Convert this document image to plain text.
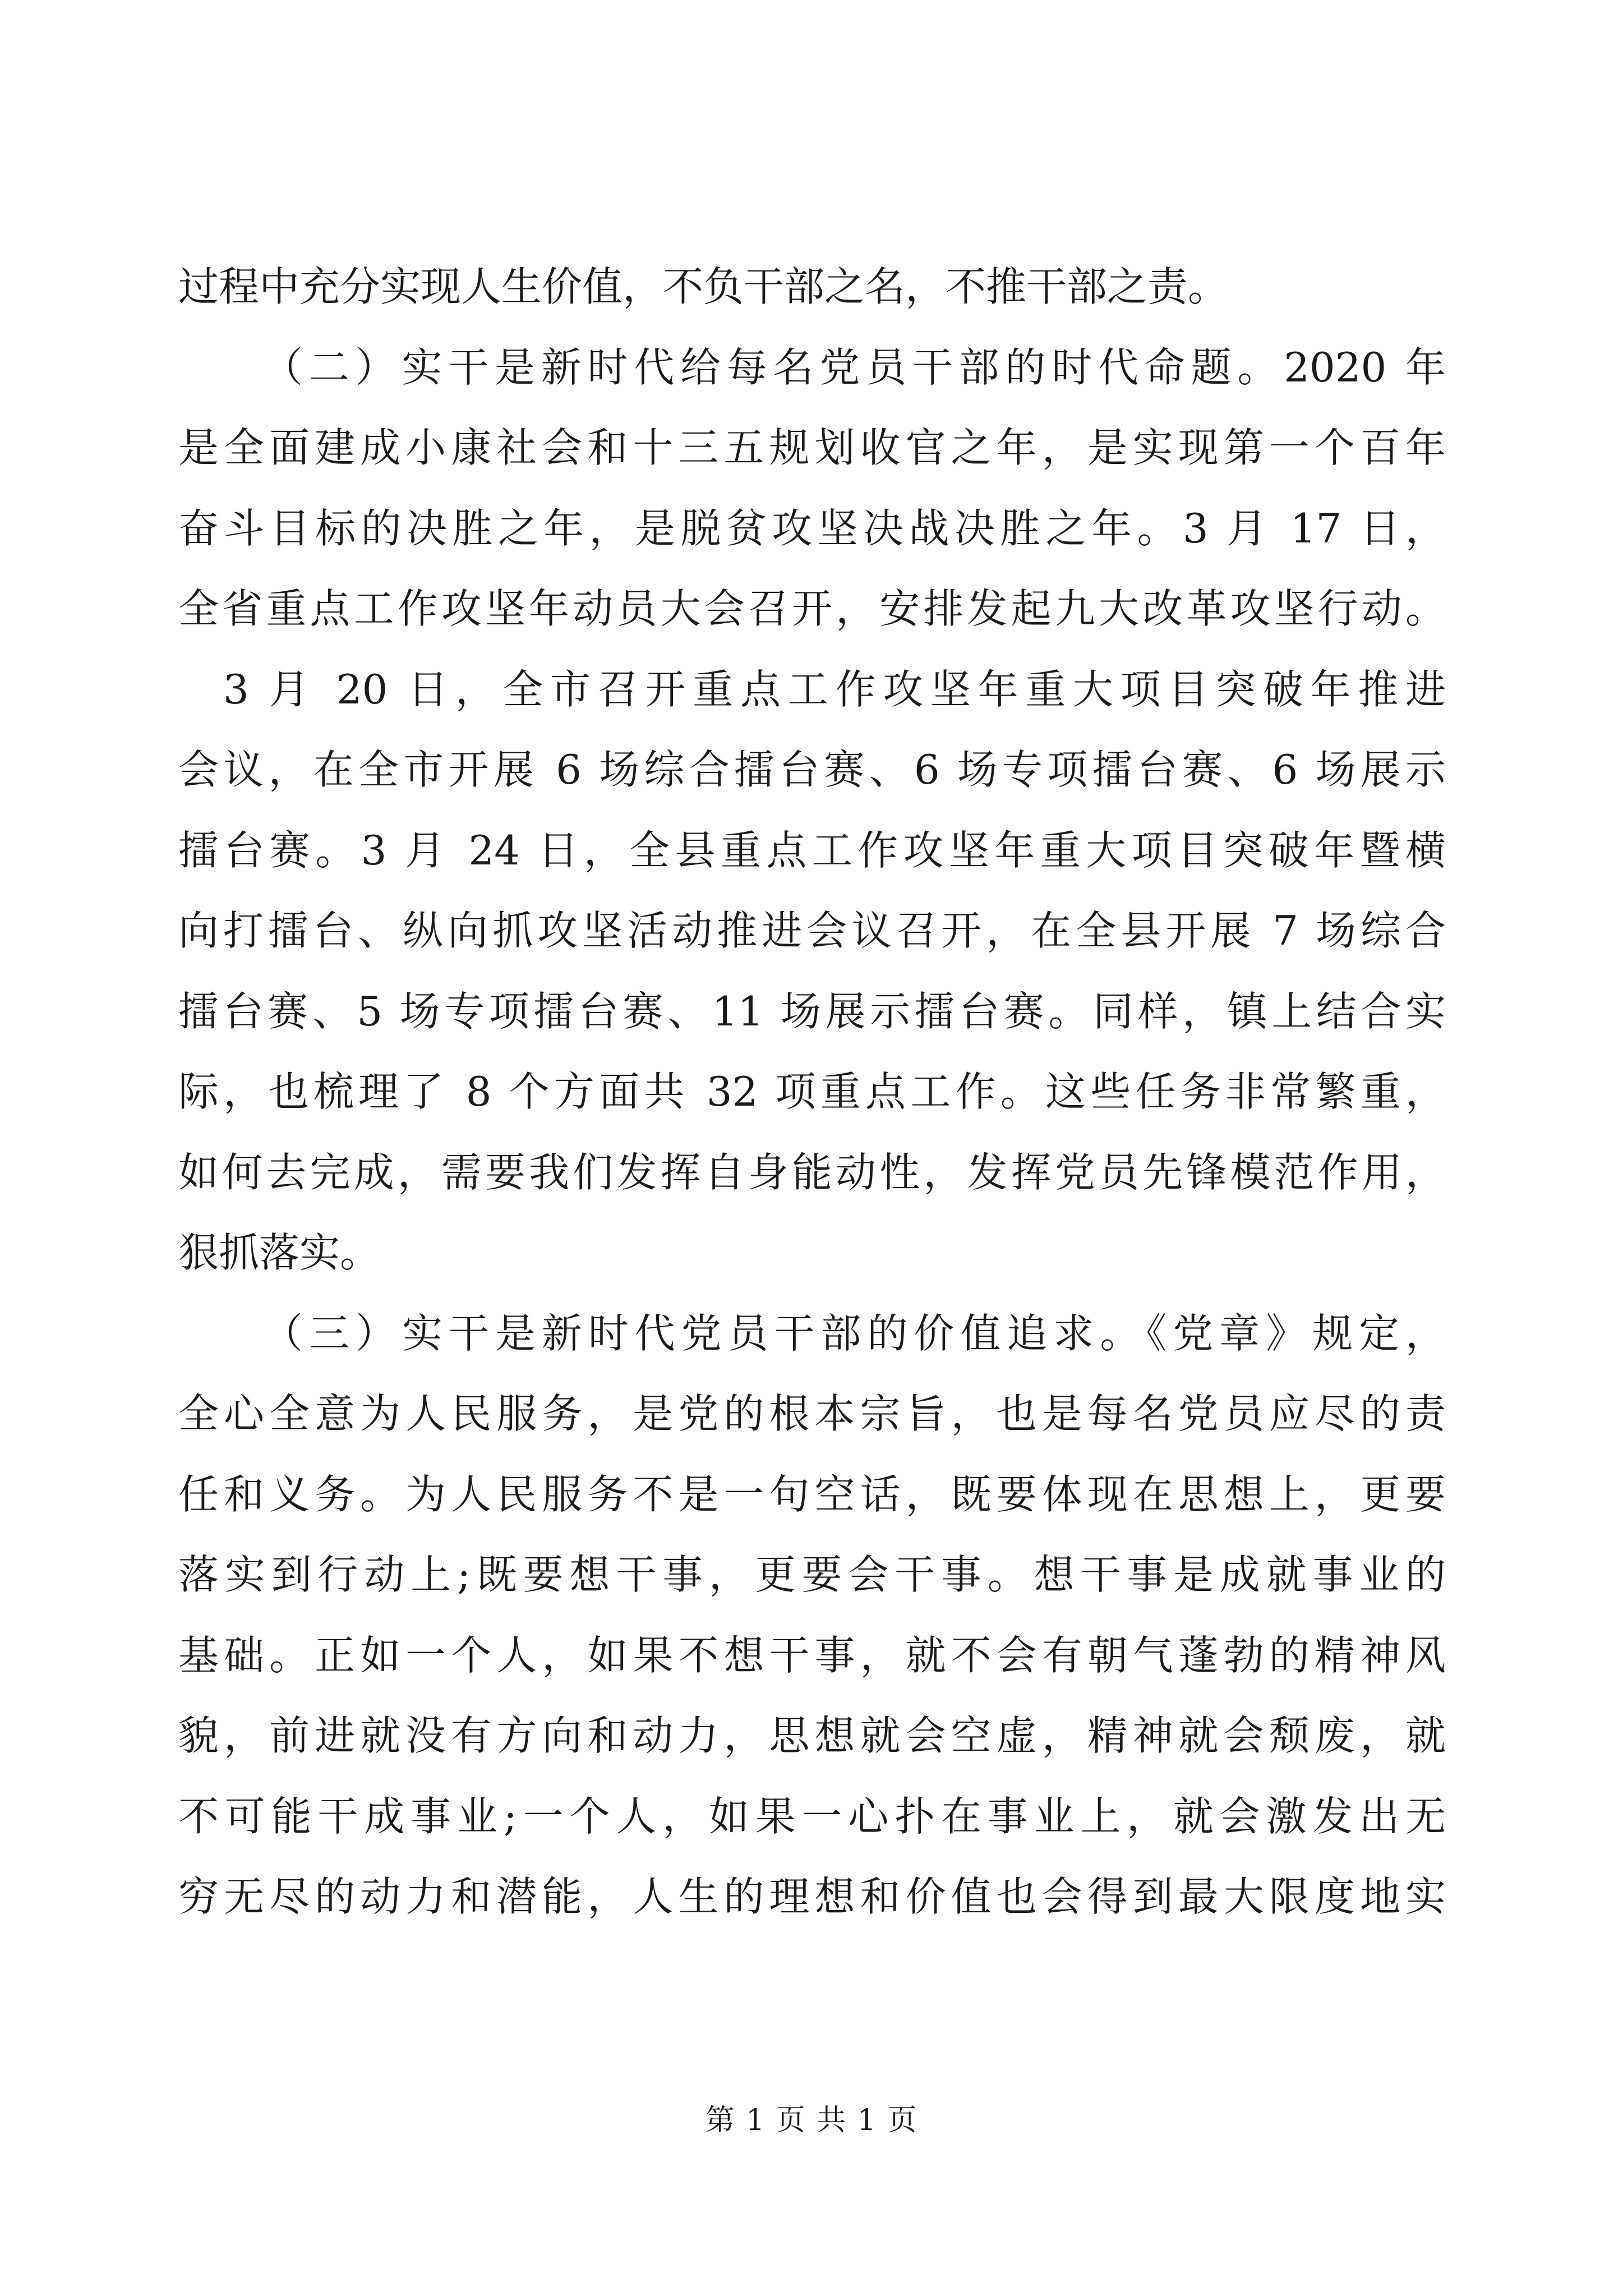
过程中充分实现人生价值，不负干部之名，不推干部之责。
（二）实干是新时代给每名党员干部的时代命题。2020 年
是全面建成小康社会和十三五规划收官之年，是实现第一个百年
奋斗目标的决胜之年，是脱贫攻坚决战决胜之年。3 月 17 日，
全省重点工作攻坚年动员大会召开，安排发起九大改革攻坚行动。
3 月 20 日，全市召开重点工作攻坚年重大项目突破年推进
会议，在全市开展 6 场综合擂台赛、6 场专项擂台赛、6 场展示
擂台赛。3 月 24 日，全县重点工作攻坚年重大项目突破年暨横
向打擂台、纵向抓攻坚活动推进会议召开，在全县开展 7 场综合
擂台赛、5 场专项擂台赛、11 场展示擂台赛。同样，镇上结合实
际，也梳理了 8 个方面共 32 项重点工作。这些任务非常繁重，
如何去完成，需要我们发挥自身能动性，发挥党员先锋模范作用，
狠抓落实。
（三）实干是新时代党员干部的价值追求。《党章》规定，
全心全意为人民服务，是党的根本宗旨，也是每名党员应尽的责
任和义务。为人民服务不是一句空话，既要体现在思想上，更要
落实到行动上;既要想干事，更要会干事。想干事是成就事业的
基础。正如一个人，如果不想干事，就不会有朝气蓬勃的精神风
貌，前进就没有方向和动力，思想就会空虚，精神就会颓废，就
不可能干成事业;一个人，如果一心扑在事业上，就会激发出无
穷无尽的动力和潜能，人生的理想和价值也会得到最大限度地实
第 1 页 共 1 页
